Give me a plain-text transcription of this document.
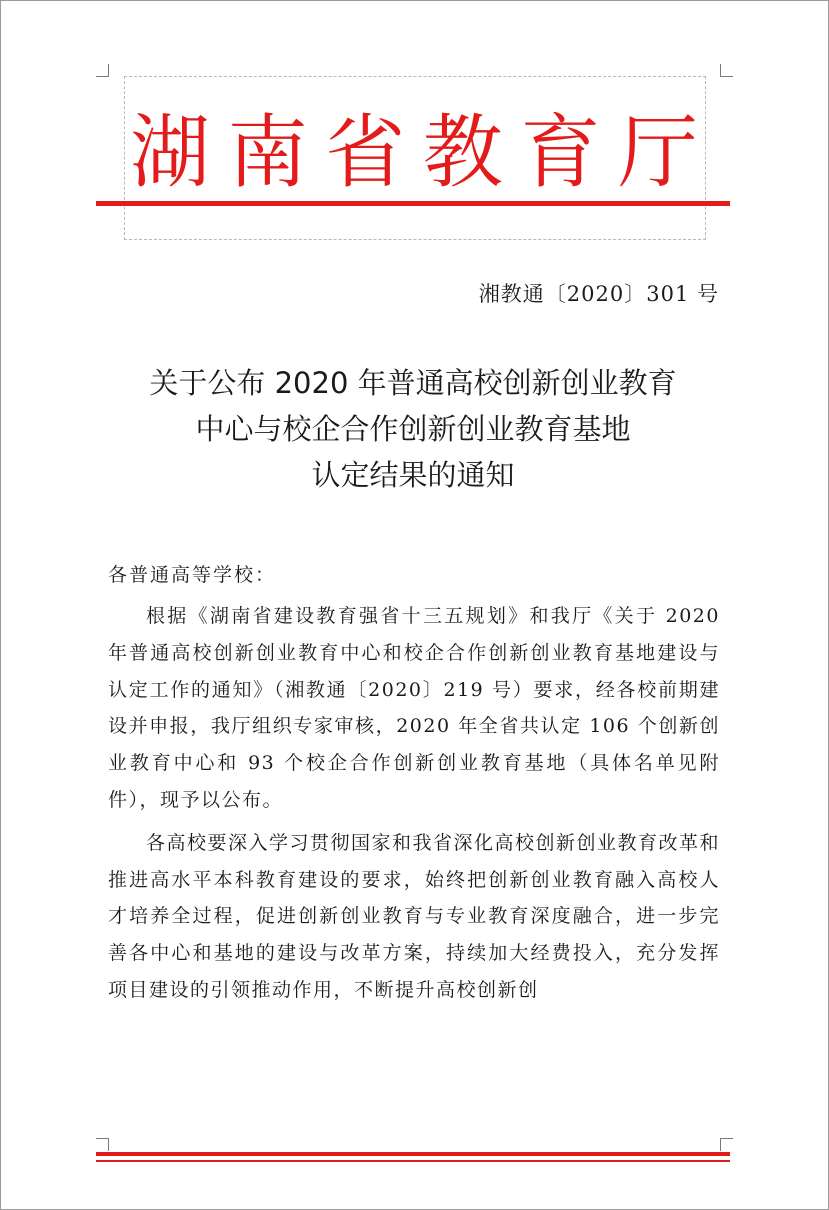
湖 南 省 教 育 厅
湘教通〔2020〕301 号
关于公布 2020 年普通高校创新创业教育
中心与校企合作创新创业教育基地
认定结果的通知
各普通高等学校：

根据《湖南省建设教育强省十三五规划》和我厅《关于 2020 年普通高校创新创业教育中心和校企合作创新创业教育基地建设与认定工作的通知》（湘教通〔2020〕219 号）要求，经各校前期建设并申报，我厅组织专家审核，2020 年全省共认定 106 个创新创业教育中心和 93 个校企合作创新创业教育基地（具体名单见附件），现予以公布。

各高校要深入学习贯彻国家和我省深化高校创新创业教育改革和推进高水平本科教育建设的要求，始终把创新创业教育融入高校人才培养全过程，促进创新创业教育与专业教育深度融合，进一步完善各中心和基地的建设与改革方案，持续加大经费投入，充分发挥项目建设的引领推动作用，不断提升高校创新创
